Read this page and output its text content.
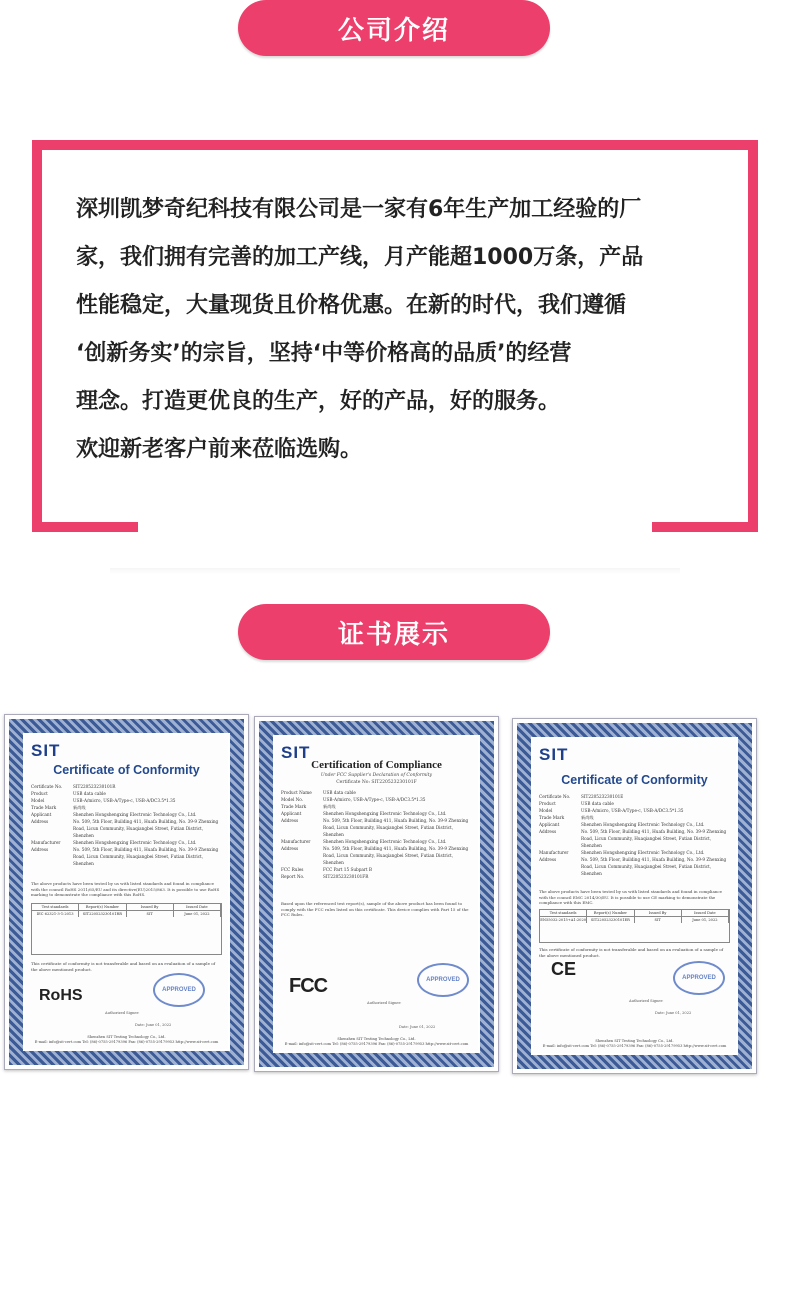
公司介绍
深圳凯梦奇纪科技有限公司是一家有6年生产加工经验的厂
家，我们拥有完善的加工产线，月产能超1000万条，产品
性能稳定，大量现货且价格优惠。在新的时代，我们遵循
‘创新务实’的宗旨，坚持‘中等价格高的品质’的经营
理念。打造更优良的生产，好的产品，好的服务。
欢迎新老客户前来莅临选购。
证书展示
SIT
Certificate of Conformity
Certificate No.	SIT220523230101R
Product	USB data cable
Model	USB-A/micro, USB-A/Type-c, USB-A/DC3.5*1.35
Trade Mark	新尚线
Applicant	Shenzhen Hongshengxing Electronic Technology Co., Ltd.
Address	No. 509, 5th Floor, Building 411, Huafa Building, No. 39-9 Zhenxing Road, Licun Community, Huaqiangbei Street, Futian District, Shenzhen
Manufacturer	Shenzhen Hongshengxing Electronic Technology Co., Ltd.
Address	No. 509, 5th Floor, Building 411, Huafa Building, No. 39-9 Zhenxing Road, Licun Community, Huaqiangbei Street, Futian District, Shenzhen
The above products have been tested by us with listed standards and found in compliance with the council RoHS 2011/65/EU and its directive(EU)2015/863. It is possible to use RoHS marking to demonstrate the compliance with this RoHS.
Test standards	Report(s) Number	Issued By	Issued Date
IEC 62321-3-1:2013	SIT220523230101RR	SIT	June 01, 2022
This certificate of conformity is not transferable and based on an evaluation of a sample of the above mentioned product.
RoHS	APPROVED
Authorized Signer:
Date: June 01, 2022
Shenzhen SIT Testing Technology Co., Ltd.
E-mail: info@sit-cert.com Tel: (86)-0755-29179396 Fax: (86)-0755-29179953 http://www.sit-cert.com
SIT
Certification of Compliance
Under FCC Supplier's Declaration of Conformity
Certificate No: SIT220523230101F
Product Name	USB data cable
Model No.	USB-A/micro, USB-A/Type-c, USB-A/DC3.5*1.35
Trade Mark	新尚线
Applicant	Shenzhen Hongshengxing Electronic Technology Co., Ltd.
Address	No. 509, 5th Floor, Building 411, Huafa Building, No. 39-9 Zhenxing Road, Licun Community, Huaqiangbei Street, Futian District, Shenzhen
Manufacturer	Shenzhen Hongshengxing Electronic Technology Co., Ltd.
Address	No. 509, 5th Floor, Building 411, Huafa Building, No. 39-9 Zhenxing Road, Licun Community, Huaqiangbei Street, Futian District, Shenzhen
FCC Rules	FCC Part 15 Subpart B
Report No.	SIT220523230101FR
Based upon the referenced test report(s), sample of the above product has been found to comply with the FCC rules listed on this certificate. This device complies with Part 15 of the FCC Rules.
FCC	APPROVED
Authorized Signer:
Date: June 01, 2022
Shenzhen SIT Testing Technology Co., Ltd.
E-mail: info@sit-cert.com Tel: (86)-0755-29179396 Fax: (86)-0755-29179953 http://www.sit-cert.com
SIT
Certificate of Conformity
Certificate No.	SIT220523230101E
Product	USB data cable
Model	USB-A/micro, USB-A/Type-c, USB-A/DC3.5*1.35
Trade Mark	新尚线
Applicant	Shenzhen Hongshengxing Electronic Technology Co., Ltd.
Address	No. 509, 5th Floor, Building 411, Huafa Building, No. 39-9 Zhenxing Road, Licun Community, Huaqiangbei Street, Futian District, Shenzhen
Manufacturer	Shenzhen Hongshengxing Electronic Technology Co., Ltd.
Address	No. 509, 5th Floor, Building 411, Huafa Building, No. 39-9 Zhenxing Road, Licun Community, Huaqiangbei Street, Futian District, Shenzhen
The above products have been tested by us with listed standards and found in compliance with the council EMC 2014/30/EU. It is possible to use CE marking to demonstrate the compliance with this EMC.
Test standards	Report(s) Number	Issued By	Issued Date
EN55032:2015+A1:2020	SIT220523230101ER	SIT	June 01, 2022
This certificate of conformity is not transferable and based on an evaluation of a sample of the above mentioned product.
CE	APPROVED
Authorized Signer:
Date: June 01, 2022
Shenzhen SIT Testing Technology Co., Ltd.
E-mail: info@sit-cert.com Tel: (86)-0755-29179396 Fax: (86)-0755-29179953 http://www.sit-cert.com
